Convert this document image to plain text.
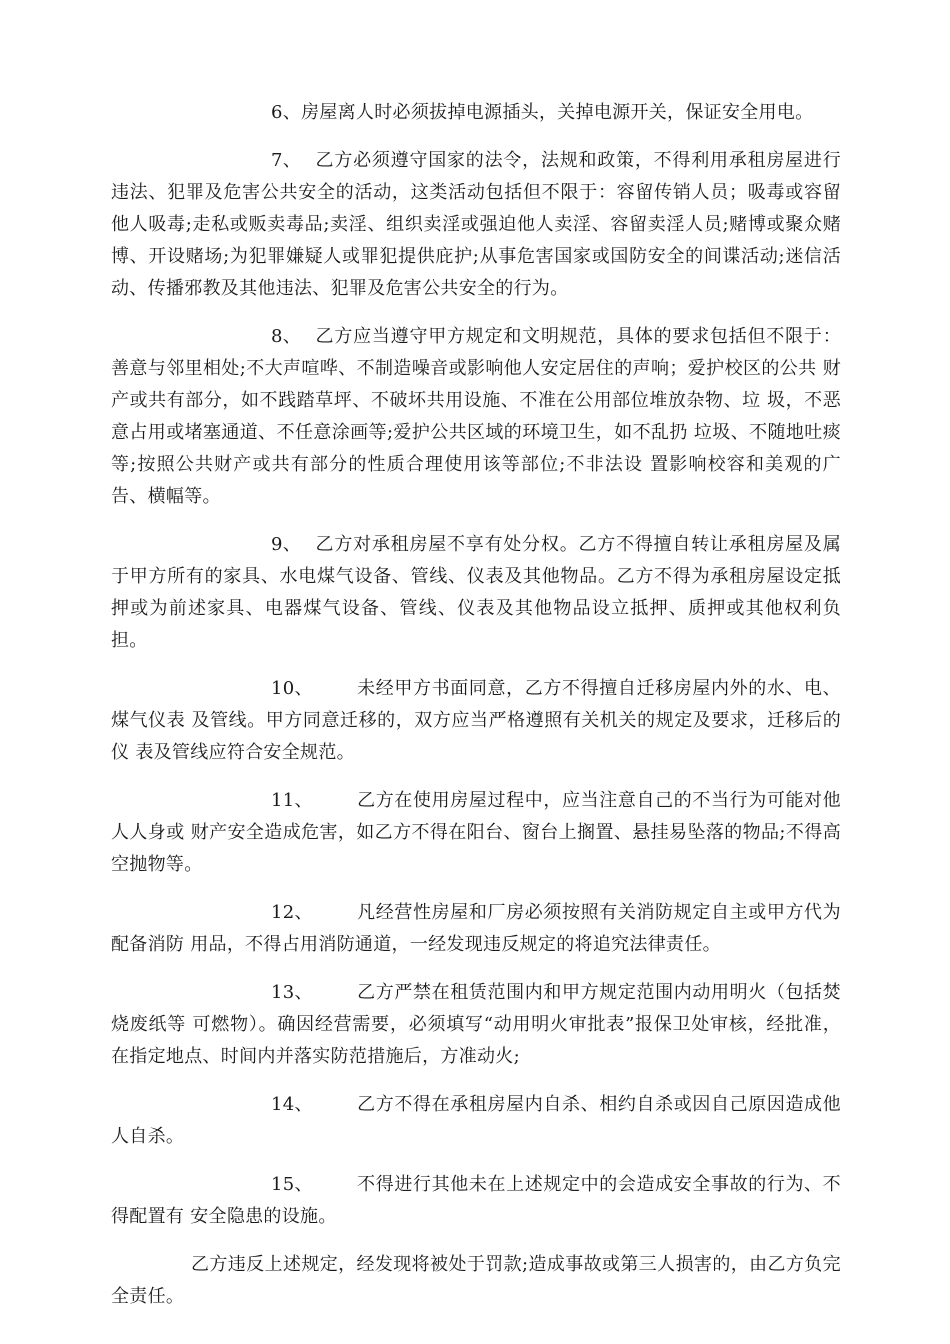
6、房屋离人时必须拔掉电源插头，关掉电源开关，保证安全用电。

7、 乙方必须遵守国家的法令，法规和政策，不得利用承租房屋进行违法、犯罪及危害公共安全的活动，这类活动包括但不限于：容留传销人员；吸毒或容留他人吸毒;走私或贩卖毒品;卖淫、组织卖淫或强迫他人卖淫、容留卖淫人员;赌博或聚众赌博、开设赌场;为犯罪嫌疑人或罪犯提供庇护;从事危害国家或国防安全的间谍活动;迷信活动、传播邪教及其他违法、犯罪及危害公共安全的行为。

8、 乙方应当遵守甲方规定和文明规范，具体的要求包括但不限于：善意与邻里相处;不大声喧哗、不制造噪音或影响他人安定居住的声响；爱护校区的公共 财产或共有部分，如不践踏草坪、不破坏共用设施、不准在公用部位堆放杂物、垃 圾，不恶意占用或堵塞通道、不任意涂画等;爱护公共区域的环境卫生，如不乱扔 垃圾、不随地吐痰等;按照公共财产或共有部分的性质合理使用该等部位;不非法设 置影响校容和美观的广告、横幅等。

9、 乙方对承租房屋不享有处分权。乙方不得擅自转让承租房屋及属于甲方所有的家具、水电煤气设备、管线、仪表及其他物品。乙方不得为承租房屋设定抵押或为前述家具、电器煤气设备、管线、仪表及其他物品设立抵押、质押或其他权利负担。

10、 未经甲方书面同意，乙方不得擅自迁移房屋内外的水、电、煤气仪表 及管线。甲方同意迁移的，双方应当严格遵照有关机关的规定及要求，迁移后的仪 表及管线应符合安全规范。

11、 乙方在使用房屋过程中，应当注意自己的不当行为可能对他人人身或 财产安全造成危害，如乙方不得在阳台、窗台上搁置、悬挂易坠落的物品;不得高 空抛物等。

12、 凡经营性房屋和厂房必须按照有关消防规定自主或甲方代为配备消防 用品，不得占用消防通道，一经发现违反规定的将追究法律责任。

13、 乙方严禁在租赁范围内和甲方规定范围内动用明火（包括焚烧废纸等 可燃物）。确因经营需要，必须填写“动用明火审批表”报保卫处审核，经批准， 在指定地点、时间内并落实防范措施后，方准动火;

14、 乙方不得在承租房屋内自杀、相约自杀或因自己原因造成他人自杀。

15、 不得进行其他未在上述规定中的会造成安全事故的行为、不得配置有 安全隐患的设施。

乙方违反上述规定，经发现将被处于罚款;造成事故或第三人损害的，由乙方负完全责任。
